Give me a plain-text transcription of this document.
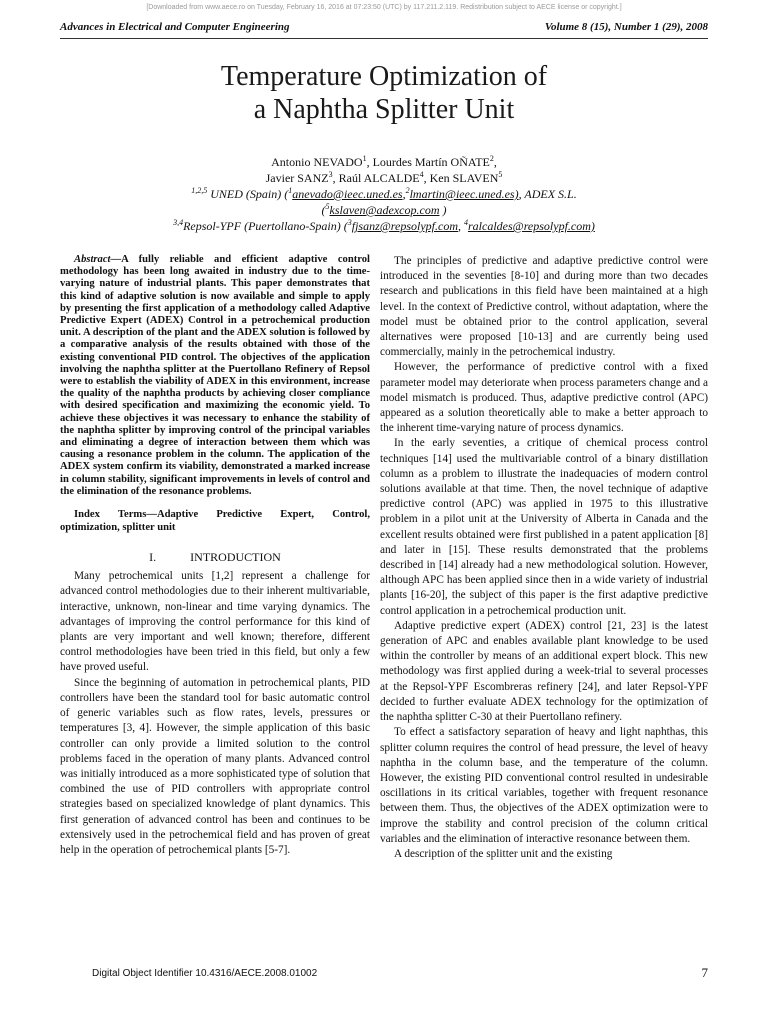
[Downloaded from www.aece.ro on Tuesday, February 16, 2016 at 07:23:50 (UTC) by 117.211.2.119. Redistribution subject to AECE license or copyright.]
Advances in Electrical and Computer Engineering	Volume 8 (15), Number 1 (29), 2008
Temperature Optimization of
a Naphtha Splitter Unit
Antonio NEVADO$^1$, Lourdes Martín OÑATE$^2$,
Javier SANZ$^3$, Raúl ALCALDE$^4$, Ken SLAVEN$^5$
$^{1,2,5}$ UNED (Spain) ($^1$anevado@ieec.uned.es,$^2$lmartin@ieec.uned.es), ADEX S.L.
($^5$kslaven@adexcop.com )
$^{3,4}$Repsol-YPF (Puertollano-Spain) ($^3$fjsanz@repsolypf.com, $^4$ralcaldes@repsolypf.com)

Abstract—A fully reliable and efficient adaptive control methodology has been long awaited in industry due to the time-varying nature of industrial plants. This paper demonstrates that this kind of adaptive solution is now available and simple to apply by presenting the first application of a methodology called Adaptive Predictive Expert (ADEX) Control in a petrochemical production unit. A description of the plant and the ADEX solution is followed by a comparative analysis of the results obtained with those of the existing conventional PID control. The objectives of the application involving the naphtha splitter at the Puertollano Refinery of Repsol were to establish the viability of ADEX in this environment, increase the quality of the naphtha products by achieving closer compliance with desired specification and maximizing the economic yield. To achieve these objectives it was necessary to enhance the stability of the naphtha splitter by improving control of the principal variables and eliminating a degree of interaction between them which was causing a resonance problem in the column. The application of the ADEX system confirm its viability, demonstrated a marked increase in column stability, significant improvements in levels of control and the elimination of the resonance problems.

Index Terms—Adaptive Predictive Expert, Control, optimization, splitter unit

I.	INTRODUCTION

Many petrochemical units [1,2] represent a challenge for advanced control methodologies due to their inherent multivariable, interactive, unknown, non-linear and time varying dynamics. The advantages of improving the control performance for this kind of plants are very important and well known; therefore, different control methodologies have been tried in this field, but only a few have proved useful.

Since the beginning of automation in petrochemical plants, PID controllers have been the standard tool for basic automatic control of generic variables such as flow rates, levels, pressures or temperatures [3, 4]. However, the simple application of this basic controller can only provide a limited solution to the control problems faced in the operation of many plants. Advanced control was initially introduced as a more sophisticated type of solution that combined the use of PID controllers with appropriate control strategies based on specialized knowledge of plant dynamics. This first generation of advanced control has been and continues to be extensively used in the petrochemical field and has proven of great help in the operation of petrochemical plants [5-7].

The principles of predictive and adaptive predictive control were introduced in the seventies [8-10] and during more than two decades research and publications in this field have been maintained at a high level. In the context of Predictive control, without adaptation, where the model must be obtained prior to the control application, several alternatives were proposed [10-13] and are currently being used commercially, mainly in the petrochemical industry.

However, the performance of predictive control with a fixed parameter model may deteriorate when process parameters change and a model mismatch is produced. Thus, adaptive predictive control (APC) appeared as a solution theoretically able to make a better approach to the inherent time-varying nature of process dynamics.

In the early seventies, a critique of chemical process control techniques [14] used the multivariable control of a binary distillation column as a problem to illustrate the inadequacies of modern control solutions available at that time. Then, the novel technique of adaptive predictive control (APC) was applied in 1975 to this illustrative problem in a pilot unit at the University of Alberta in Canada and the excellent results obtained were first published in a patent application [8] and later in [15]. These results demonstrated that the problems described in [14] already had a new methodological solution. However, although APC has been applied since then in a wide variety of industrial plants [16-20], the subject of this paper is the first adaptive predictive control application in a petrochemical production unit.

Adaptive predictive expert (ADEX) control [21, 23] is the latest generation of APC and enables available plant knowledge to be used within the controller by means of an additional expert block. This new methodology was first applied during a week-trial to several processes at the Repsol-YPF Escombreras refinery [24], and later Repsol-YPF decided to further evaluate ADEX technology for the optimization of the naphtha splitter C-30 at their Puertollano refinery.

To effect a satisfactory separation of heavy and light naphthas, this splitter column requires the control of head pressure, the level of heavy naphtha in the column base, and the temperature of the column. However, the existing PID conventional control resulted in undesirable oscillations in its critical variables, together with frequent resonance between them. Thus, the objectives of the ADEX optimization were to improve the stability and control precision of the column critical variables and the elimination of interactive resonance between them.

A description of the splitter unit and the existing

Digital Object Identifier 10.4316/AECE.2008.01002	7
